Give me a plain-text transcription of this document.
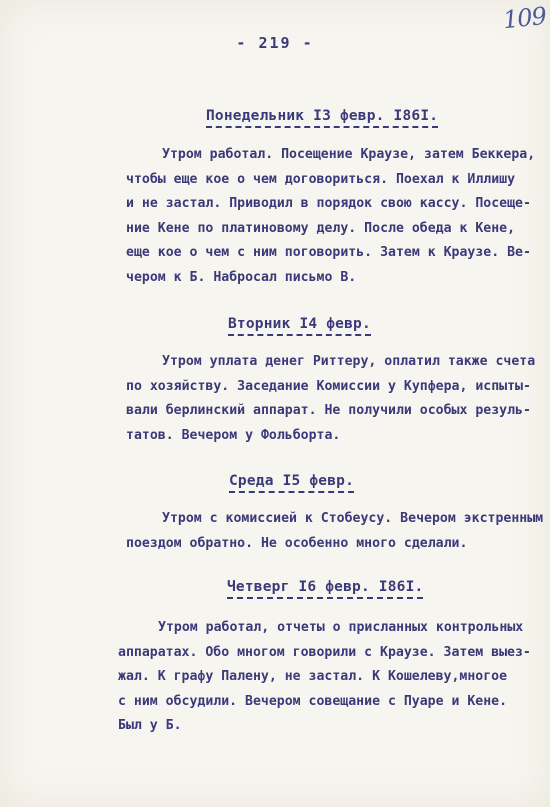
109
- 219 -
Понедельник I3 февр. I86I.
Утром работал. Посещение Краузе, затем Беккера,
чтобы еще кое о чем договориться. Поехал к Иллишу
и не застал. Приводил в порядок свою кассу. Посеще-
ние Кене по платиновому делу. После обеда к Кене,
еще кое о чем с ним поговорить. Затем к Краузе. Ве-
чером к Б. Набросал письмо В.
Вторник I4 февр.
Утром уплата денег Риттеру, оплатил также счета
по хозяйству. Заседание Комиссии у Купфера, испыты-
вали берлинский аппарат. Не получили особых резуль-
татов. Вечером у Фольборта.
Среда I5 февр.
Утром с комиссией к Стобеусу. Вечером экстренным
поездом обратно. Не особенно много сделали.
Четверг I6 февр. I86I.
Утром работал, отчеты о присланных контрольных
аппаратах. Обо многом говорили с Краузе. Затем выез-
жал. К графу Палену, не застал. К Кошелеву,многое
с ним обсудили. Вечером совещание с Пуаре и Кене.
Был у Б.
